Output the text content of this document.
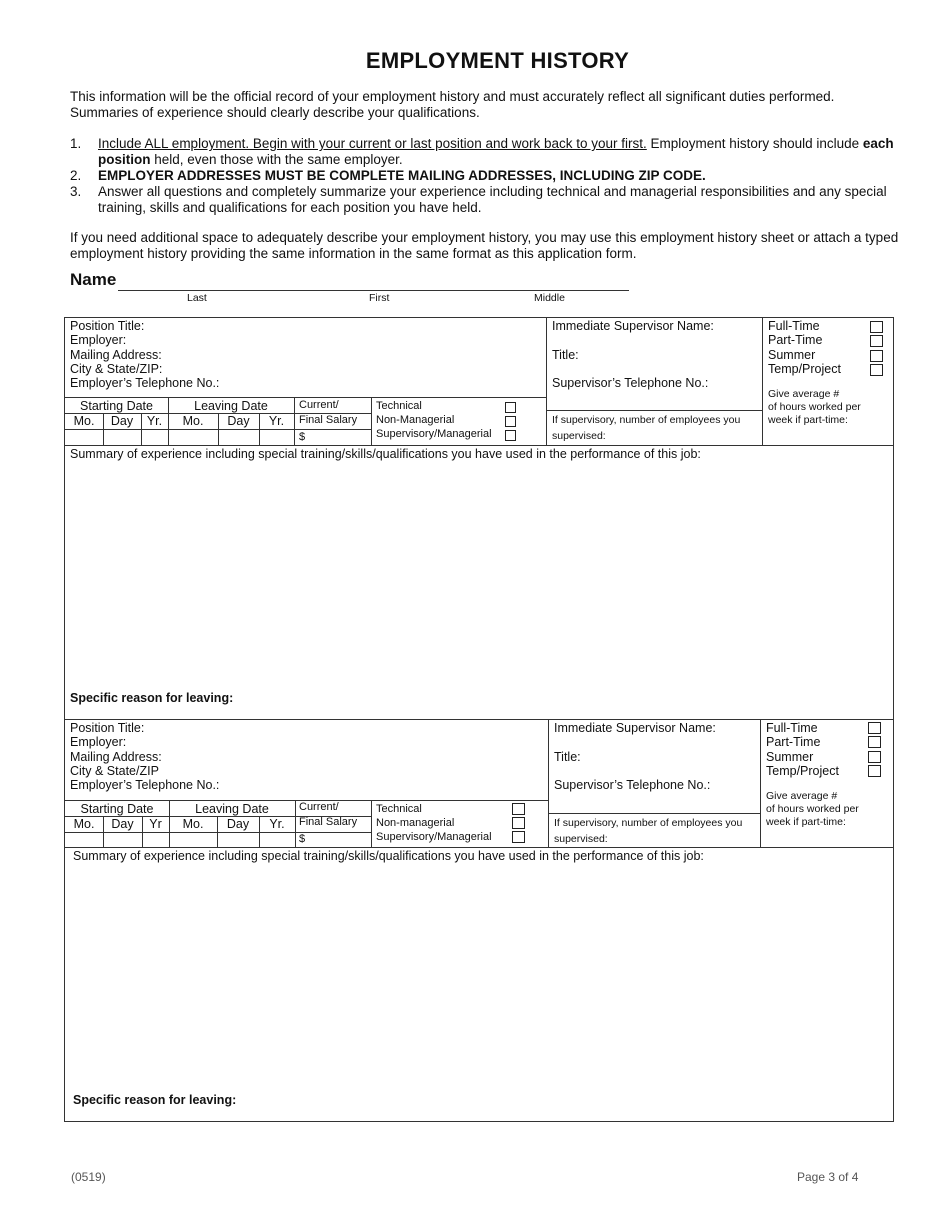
EMPLOYMENT HISTORY
This information will be the official record of your employment history and must accurately reflect all significant duties performed. Summaries of experience should clearly describe your qualifications.
1. Include ALL employment. Begin with your current or last position and work back to your first. Employment history should include each position held, even those with the same employer.
2. EMPLOYER ADDRESSES MUST BE COMPLETE MAILING ADDRESSES, INCLUDING ZIP CODE.
3. Answer all questions and completely summarize your experience including technical and managerial responsibilities and any special training, skills and qualifications for each position you have held.
If you need additional space to adequately describe your employment history, you may use this employment history sheet or attach a typed employment history providing the same information in the same format as this application form.
Name
Last	First	Middle
Position Title:
Employer:
Mailing Address:
City & State/ZIP:
Employer’s Telephone No.:
Starting Date	Leaving Date
Mo.	Day	Yr.	Mo.	Day	Yr.
Current/
Final Salary
$
Technical
Non-Managerial
Supervisory/Managerial
Immediate Supervisor Name:
Title:
Supervisor’s Telephone No.:
If supervisory, number of employees you
supervised:
Full-Time
Part-Time
Summer
Temp/Project
Give average #
of hours worked per
week if part-time:
Summary of experience including special training/skills/qualifications you have used in the performance of this job:
Specific reason for leaving:
Position Title:
Employer:
Mailing Address:
City & State/ZIP
Employer’s Telephone No.:
Starting Date	Leaving Date
Mo.	Day	Yr	Mo.	Day	Yr.
Current/
Final Salary
$
Technical
Non-managerial
Supervisory/Managerial
Immediate Supervisor Name:
Title:
Supervisor’s Telephone No.:
If supervisory, number of employees you
supervised:
Full-Time
Part-Time
Summer
Temp/Project
Give average #
of hours worked per
week if part-time:
Summary of experience including special training/skills/qualifications you have used in the performance of this job:
Specific reason for leaving:
(0519)	Page 3 of 4
